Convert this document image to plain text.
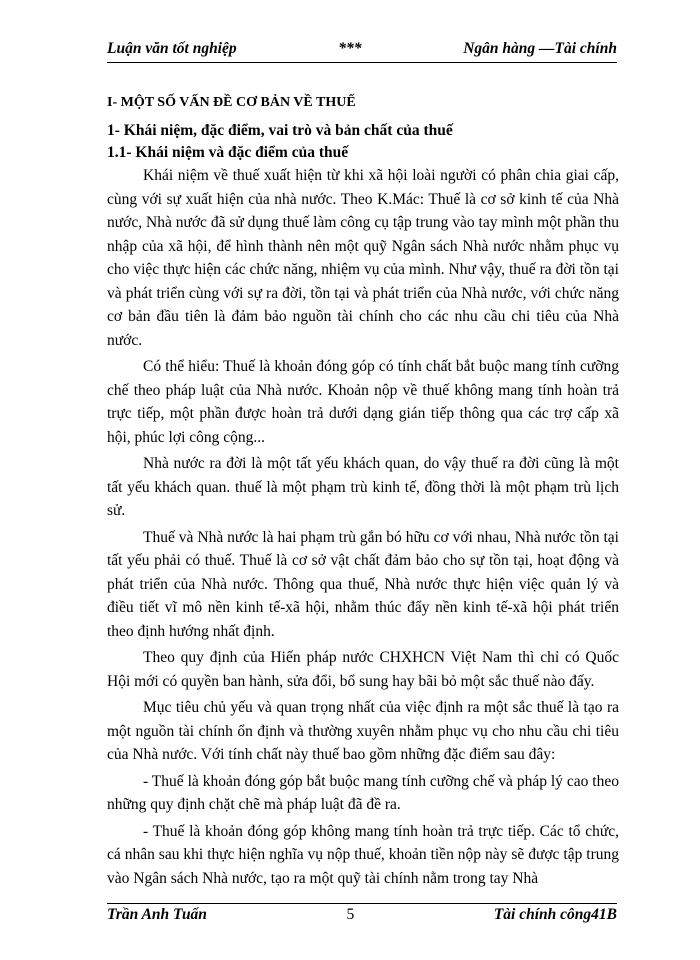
Luận văn tốt nghiệp	***	Ngân hàng —Tài chính

I- MỘT SỐ VẤN ĐỀ CƠ BẢN VỀ THUẾ

1- Khái niệm, đặc điểm, vai trò và bản chất của thuế

1.1- Khái niệm và đặc điểm của thuế

Khái niệm về thuế xuất hiện từ khi xã hội loài người có phân chia giai cấp, cùng với sự xuất hiện của nhà nước. Theo K.Mác: Thuế là cơ sở kinh tế của Nhà nước, Nhà nước đã sử dụng thuế làm công cụ tập trung vào tay mình một phần thu nhập của xã hội, để hình thành nên một quỹ Ngân sách Nhà nước nhằm phục vụ cho việc thực hiện các chức năng, nhiệm vụ của mình. Như vậy, thuế ra đời tồn tại và phát triển cùng với sự ra đời, tồn tại và phát triển của Nhà nước, với chức năng cơ bản đầu tiên là đảm bảo nguồn tài chính cho các nhu cầu chi tiêu của Nhà nước.

Có thể hiểu: Thuế là khoản đóng góp có tính chất bắt buộc mang tính cưỡng chế theo pháp luật của Nhà nước. Khoản nộp về thuế không mang tính hoàn trả trực tiếp, một phần được hoàn trả dưới dạng gián tiếp thông qua các trợ cấp xã hội, phúc lợi công cộng...

Nhà nước ra đời là một tất yếu khách quan, do vậy thuế ra đời cũng là một tất yếu khách quan. thuế là một phạm trù kinh tế, đồng thời là một phạm trù lịch sử.

Thuế và Nhà nước là hai phạm trù gắn bó hữu cơ với nhau, Nhà nước tồn tại tất yếu phải có thuế. Thuế là cơ sở vật chất đảm bảo cho sự tồn tại, hoạt động và phát triển của Nhà nước. Thông qua thuế, Nhà nước thực hiện việc quản lý và điều tiết vĩ mô nền kinh tế-xã hội, nhằm thúc đẩy nền kinh tế-xã hội phát triển theo định hướng nhất định.

Theo quy định của Hiến pháp nước CHXHCN Việt Nam thì chỉ có Quốc Hội mới có quyền ban hành, sửa đổi, bổ sung hay bãi bỏ một sắc thuế nào đấy.

Mục tiêu chủ yếu và quan trọng nhất của việc định ra một sắc thuế là tạo ra một nguồn tài chính ổn định và thường xuyên nhằm phục vụ cho nhu cầu chi tiêu của Nhà nước. Với tính chất này thuế bao gồm những đặc điểm sau đây:

- Thuế là khoản đóng góp bắt buộc mang tính cưỡng chế và pháp lý cao theo những quy định chặt chẽ mà pháp luật đã đề ra.

- Thuế là khoản đóng góp không mang tính hoàn trả trực tiếp. Các tổ chức, cá nhân sau khi thực hiện nghĩa vụ nộp thuế, khoản tiền nộp này sẽ được tập trung vào Ngân sách Nhà nước, tạo ra một quỹ tài chính nằm trong tay Nhà

Trần Anh Tuấn	5	Tài chính công41B
